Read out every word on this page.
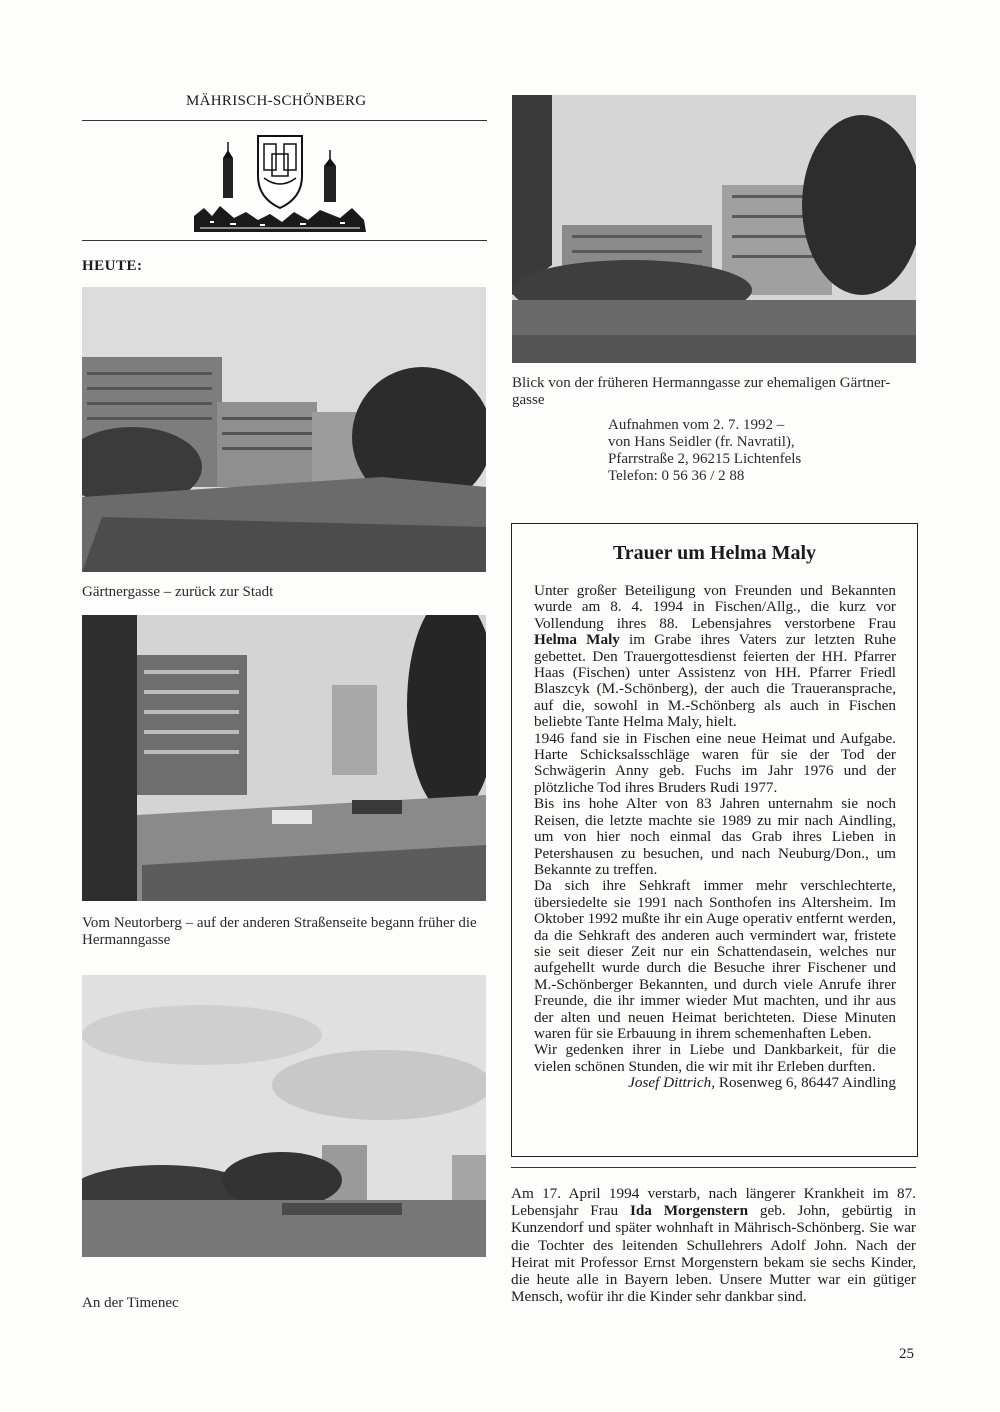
MÄHRISCH-SCHÖNBERG
HEUTE:
Blick von der früheren Hermanngasse zur ehemaligen Gärtner-gasse
Aufnahmen vom 2. 7. 1992 –
von Hans Seidler (fr. Navratil),
Pfarrstraße 2, 96215 Lichtenfels
Telefon: 0 56 36 / 2 88
Gärtnergasse – zurück zur Stadt
Vom Neutorberg – auf der anderen Straßenseite begann früher die Hermanngasse
An der Timenec
Trauer um Helma Maly

Unter großer Beteiligung von Freunden und Bekannten wurde am 8. 4. 1994 in Fischen/Allg., die kurz vor Vollendung ihres 88. Lebensjahres verstorbene Frau Helma Maly im Grabe ihres Vaters zur letzten Ruhe gebettet. Den Trauergottesdienst feierten der HH. Pfarrer Haas (Fischen) unter Assistenz von HH. Pfarrer Friedl Blaszcyk (M.-Schönberg), der auch die Traueransprache, auf die, sowohl in M.-Schönberg als auch in Fischen beliebte Tante Helma Maly, hielt.

1946 fand sie in Fischen eine neue Heimat und Aufgabe. Harte Schicksalsschläge waren für sie der Tod der Schwägerin Anny geb. Fuchs im Jahr 1976 und der plötzliche Tod ihres Bruders Rudi 1977.

Bis ins hohe Alter von 83 Jahren unternahm sie noch Reisen, die letzte machte sie 1989 zu mir nach Aindling, um von hier noch einmal das Grab ihres Lieben in Petershausen zu besuchen, und nach Neuburg/Don., um Bekannte zu treffen.

Da sich ihre Sehkraft immer mehr verschlechterte, übersiedelte sie 1991 nach Sonthofen ins Altersheim. Im Oktober 1992 mußte ihr ein Auge operativ entfernt werden, da die Sehkraft des anderen auch vermindert war, fristete sie seit dieser Zeit nur ein Schattendasein, welches nur aufgehellt wurde durch die Besuche ihrer Fischener und M.-Schönberger Bekannten, und durch viele Anrufe ihrer Freunde, die ihr immer wieder Mut machten, und ihr aus der alten und neuen Heimat berichteten. Diese Minuten waren für sie Erbauung in ihrem schemenhaften Leben.

Wir gedenken ihrer in Liebe und Dankbarkeit, für die vielen schönen Stunden, die wir mit ihr Erleben durften.

Josef Dittrich, Rosenweg 6, 86447 Aindling

Am 17. April 1994 verstarb, nach längerer Krankheit im 87. Lebensjahr Frau Ida Morgenstern geb. John, gebürtig in Kunzendorf und später wohnhaft in Mährisch-Schönberg. Sie war die Tochter des leitenden Schullehrers Adolf John. Nach der Heirat mit Professor Ernst Morgenstern bekam sie sechs Kinder, die heute alle in Bayern leben. Unsere Mutter war ein gütiger Mensch, wofür ihr die Kinder sehr dankbar sind.

25
